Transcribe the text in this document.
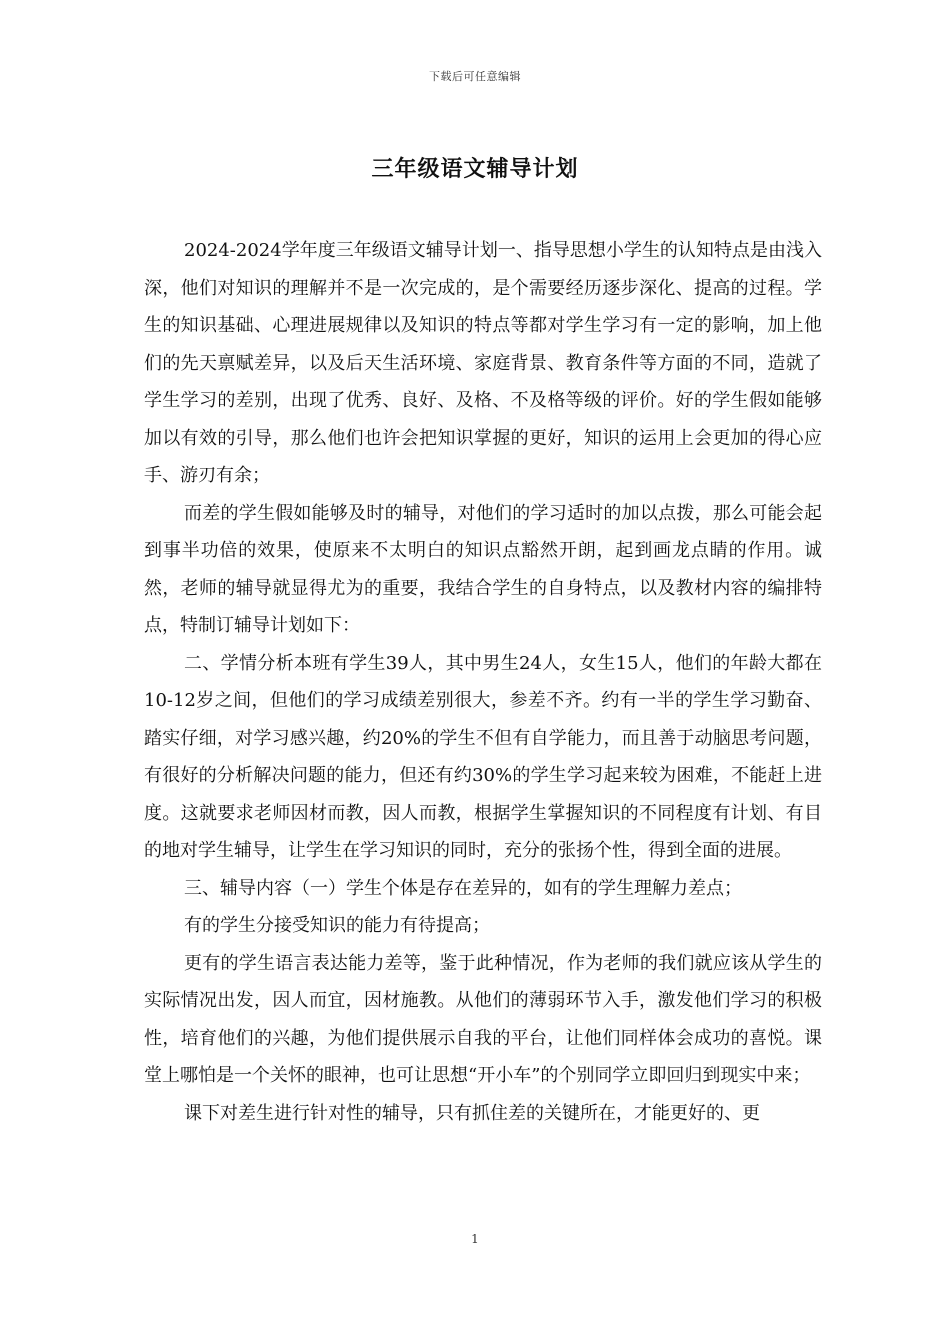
下载后可任意编辑
三年级语文辅导计划

2024-2024学年度三年级语文辅导计划一、指导思想小学生的认知特点是由浅入深，他们对知识的理解并不是一次完成的，是个需要经历逐步深化、提高的过程。学生的知识基础、心理进展规律以及知识的特点等都对学生学习有一定的影响，加上他们的先天禀赋差异，以及后天生活环境、家庭背景、教育条件等方面的不同，造就了学生学习的差别，出现了优秀、良好、及格、不及格等级的评价。好的学生假如能够加以有效的引导，那么他们也许会把知识掌握的更好，知识的运用上会更加的得心应手、游刃有余；

而差的学生假如能够及时的辅导，对他们的学习适时的加以点拨，那么可能会起到事半功倍的效果，使原来不太明白的知识点豁然开朗，起到画龙点睛的作用。诚然，老师的辅导就显得尤为的重要，我结合学生的自身特点，以及教材内容的编排特点，特制订辅导计划如下：

二、学情分析本班有学生39人，其中男生24人，女生15人，他们的年龄大都在10-12岁之间，但他们的学习成绩差别很大，参差不齐。约有一半的学生学习勤奋、踏实仔细，对学习感兴趣，约20%的学生不但有自学能力，而且善于动脑思考问题，有很好的分析解决问题的能力，但还有约30%的学生学习起来较为困难，不能赶上进度。这就要求老师因材而教，因人而教，根据学生掌握知识的不同程度有计划、有目的地对学生辅导，让学生在学习知识的同时，充分的张扬个性，得到全面的进展。

三、辅导内容（一）学生个体是存在差异的，如有的学生理解力差点；

有的学生分接受知识的能力有待提高；

更有的学生语言表达能力差等，鉴于此种情况，作为老师的我们就应该从学生的实际情况出发，因人而宜，因材施教。从他们的薄弱环节入手，激发他们学习的积极性，培育他们的兴趣，为他们提供展示自我的平台，让他们同样体会成功的喜悦。课堂上哪怕是一个关怀的眼神，也可让思想“开小车”的个别同学立即回归到现实中来；

课下对差生进行针对性的辅导，只有抓住差的关键所在，才能更好的、更

1
